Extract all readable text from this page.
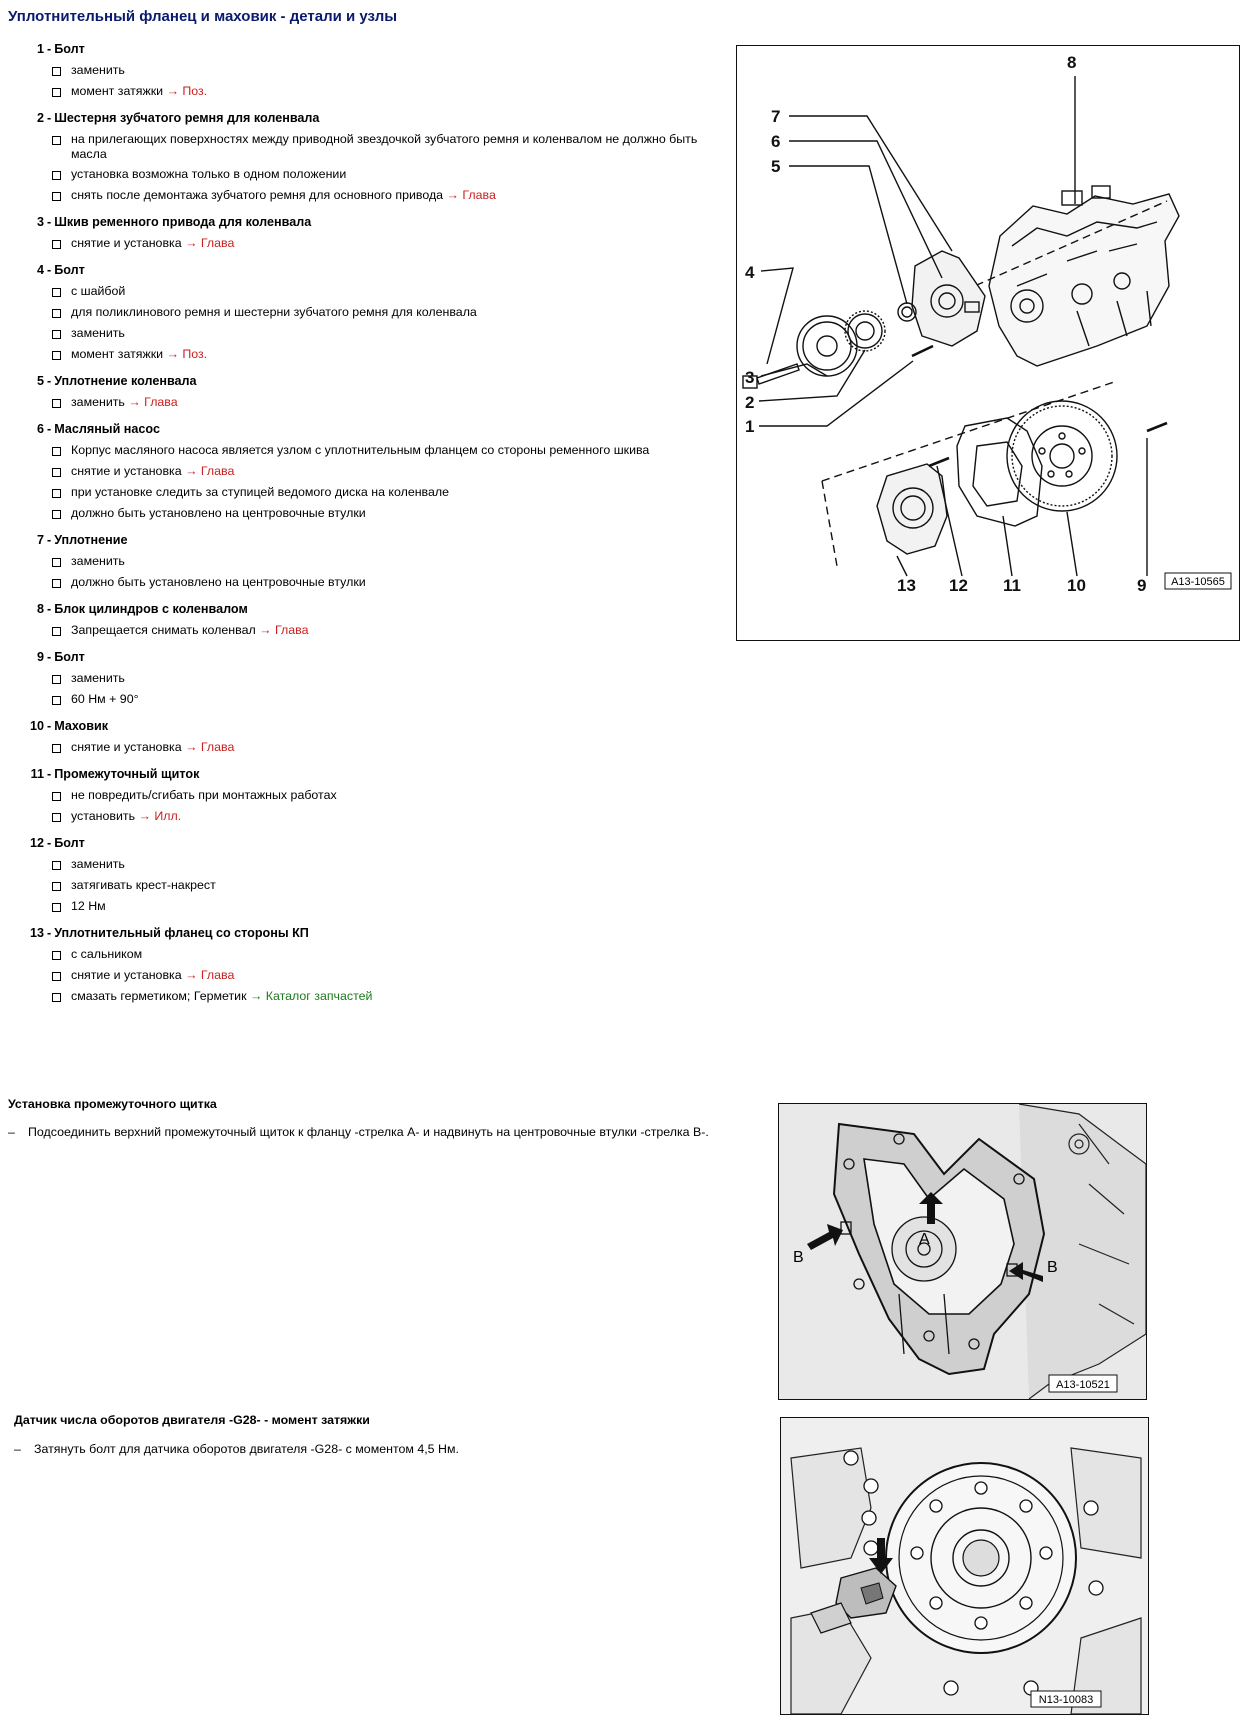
Уплотнительный фланец и маховик - детали и узлы
1 - Болт
заменить
момент затяжки → Поз.
2 - Шестерня зубчатого ремня для коленвала
на прилегающих поверхностях между приводной звездочкой зубчатого ремня и коленвалом не должно быть масла
установка возможна только в одном положении
снять после демонтажа зубчатого ремня для основного привода → Глава
3 - Шкив ременного привода для коленвала
снятие и установка → Глава
4 - Болт
с шайбой
для поликлинового ремня и шестерни зубчатого ремня для коленвала
заменить
момент затяжки → Поз.
5 - Уплотнение коленвала
заменить → Глава
6 - Масляный насос
Корпус масляного насоса является узлом с уплотнительным фланцем со стороны ременного шкива
снятие и установка → Глава
при установке следить за ступицей ведомого диска на коленвале
должно быть установлено на центровочные втулки
7 - Уплотнение
заменить
должно быть установлено на центровочные втулки
8 - Блок цилиндров с коленвалом
Запрещается снимать коленвал → Глава
9 - Болт
заменить
60 Нм + 90°
10 - Маховик
снятие и установка → Глава
11 - Промежуточный щиток
не повредить/сгибать при монтажных работах
установить → Илл.
12 - Болт
заменить
затягивать крест-накрест
12 Нм
13 - Уплотнительный фланец со стороны КП
с сальником
снятие и установка → Глава
смазать герметиком; Герметик → Каталог запчастей
7
6
5
4
3
2
1
8
9
10
11
12
13	A13-10565
Установка промежуточного щитка
–	Подсоединить верхний промежуточный щиток к фланцу -стрелка А- и надвинуть на центровочные втулки -стрелка В-.
A
B
B
A13-10521
Датчик числа оборотов двигателя -G28- - момент затяжки
–	Затянуть болт для датчика оборотов двигателя -G28- с моментом 4,5 Нм.
N13-10083
